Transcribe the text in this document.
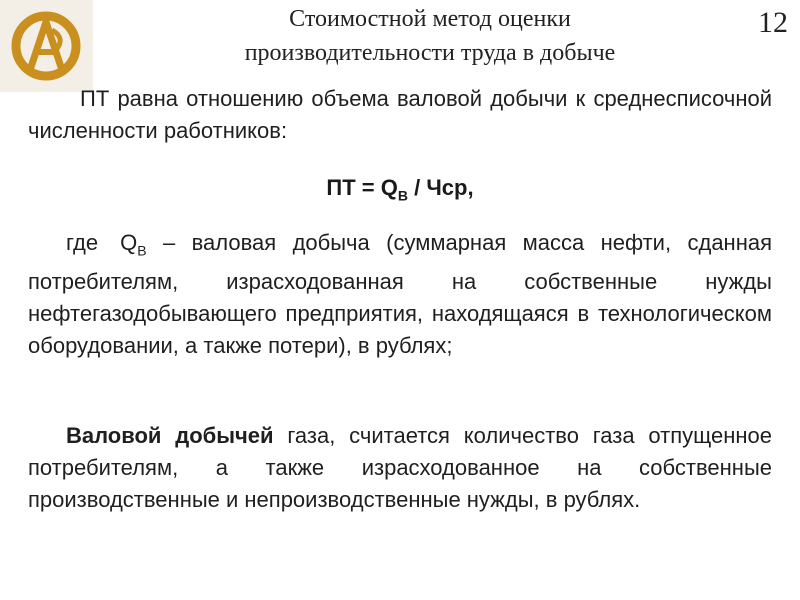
Стоимостной метод оценки
производительности труда в добыче
12
ПТ равна отношению объема валовой добычи к среднесписочной численности работников:
ПТ = $Q_В$ / Чср,
где $Q_В$ – валовая добыча (суммарная масса нефти, сданная потребителям, израсходованная на собственные нужды нефтегазодобывающего предприятия, находящаяся в технологическом оборудовании, а также потери), в рублях;
Валовой добычей газа, считается количество газа отпущенное потребителям, а также израсходованное на собственные производственные и непроизводственные нужды, в рублях.
